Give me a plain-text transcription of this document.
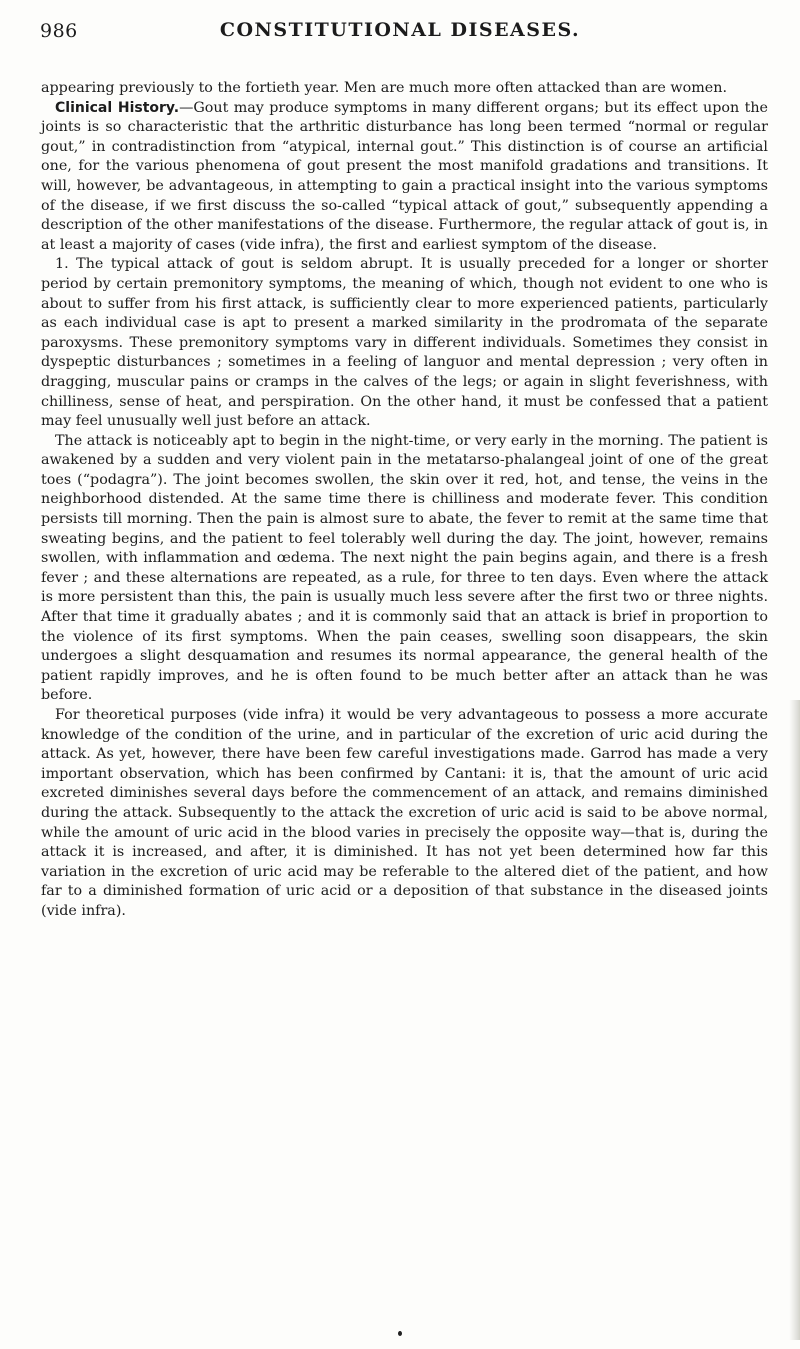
986	CONSTITUTIONAL DISEASES.

appearing previously to the fortieth year. Men are much more often attacked than are women.

Clinical History.—Gout may produce symptoms in many different organs; but its effect upon the joints is so characteristic that the arthritic disturbance has long been termed “normal or regular gout,” in contradistinction from “atypical, internal gout.” This distinction is of course an artificial one, for the various phenomena of gout present the most manifold gradations and transitions. It will, however, be advantageous, in attempting to gain a practical insight into the various symptoms of the disease, if we first discuss the so-called “typical attack of gout,” subsequently appending a description of the other manifestations of the disease. Furthermore, the regular attack of gout is, in at least a majority of cases (vide infra), the first and earliest symptom of the disease.

1. The typical attack of gout is seldom abrupt. It is usually preceded for a longer or shorter period by certain premonitory symptoms, the meaning of which, though not evident to one who is about to suffer from his first attack, is sufficiently clear to more experienced patients, particularly as each individual case is apt to present a marked similarity in the prodromata of the separate paroxysms. These premonitory symptoms vary in different individuals. Sometimes they consist in dyspeptic disturbances ; sometimes in a feeling of languor and mental depression ; very often in dragging, muscular pains or cramps in the calves of the legs; or again in slight feverishness, with chilliness, sense of heat, and perspiration. On the other hand, it must be confessed that a patient may feel unusually well just before an attack.

The attack is noticeably apt to begin in the night-time, or very early in the morning. The patient is awakened by a sudden and very violent pain in the metatarso-phalangeal joint of one of the great toes (“podagra”). The joint becomes swollen, the skin over it red, hot, and tense, the veins in the neighborhood distended. At the same time there is chilliness and moderate fever. This condition persists till morning. Then the pain is almost sure to abate, the fever to remit at the same time that sweating begins, and the patient to feel tolerably well during the day. The joint, however, remains swollen, with inflammation and œdema. The next night the pain begins again, and there is a fresh fever ; and these alternations are repeated, as a rule, for three to ten days. Even where the attack is more persistent than this, the pain is usually much less severe after the first two or three nights. After that time it gradually abates ; and it is commonly said that an attack is brief in proportion to the violence of its first symptoms. When the pain ceases, swelling soon disappears, the skin undergoes a slight desquamation and resumes its normal appearance, the general health of the patient rapidly improves, and he is often found to be much better after an attack than he was before.

For theoretical purposes (vide infra) it would be very advantageous to possess a more accurate knowledge of the condition of the urine, and in particular of the excretion of uric acid during the attack. As yet, however, there have been few careful investigations made. Garrod has made a very important observation, which has been confirmed by Cantani: it is, that the amount of uric acid excreted diminishes several days before the commencement of an attack, and remains diminished during the attack. Subsequently to the attack the excretion of uric acid is said to be above normal, while the amount of uric acid in the blood varies in precisely the opposite way—that is, during the attack it is increased, and after, it is diminished. It has not yet been determined how far this variation in the excretion of uric acid may be referable to the altered diet of the patient, and how far to a diminished formation of uric acid or a deposition of that substance in the diseased joints (vide infra).
